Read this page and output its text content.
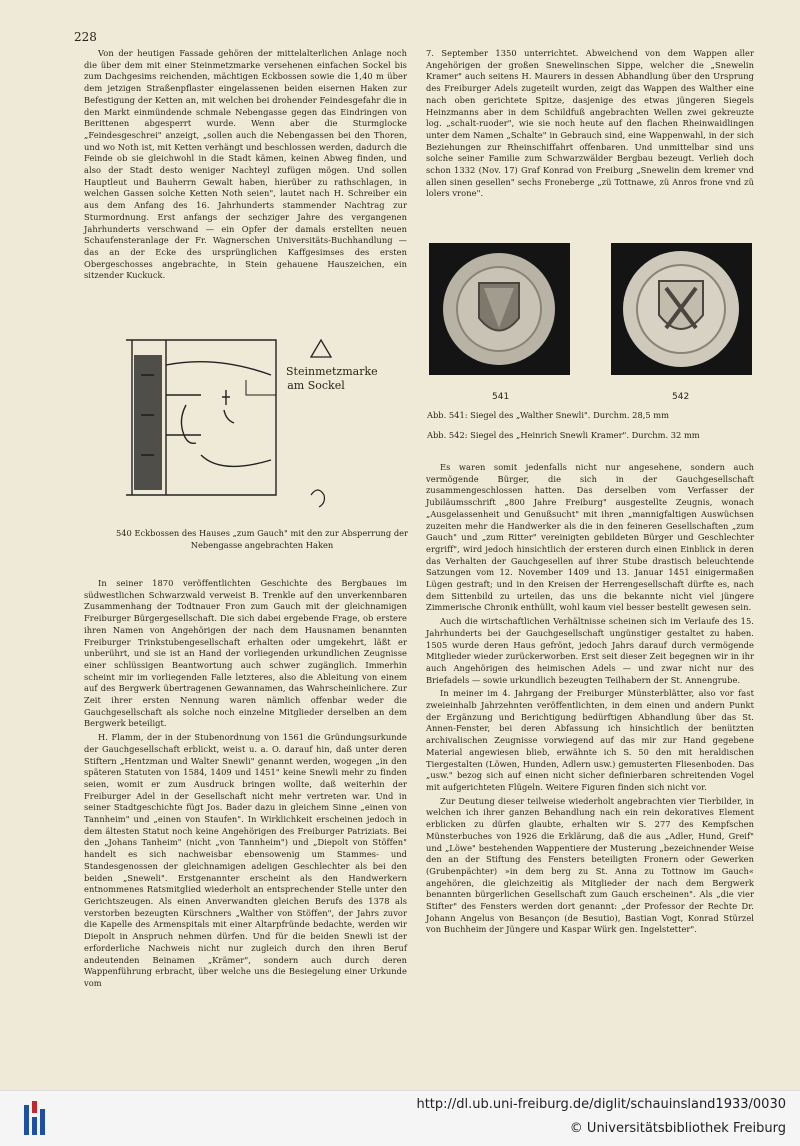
228

Von der heutigen Fassade gehören der mittelalterlichen Anlage noch die über dem mit einer Steinmetzmarke versehenen einfachen Sockel bis zum Dachgesims reichenden, mächtigen Eckbossen sowie die 1,40 m über dem jetzigen Straßenpflaster eingelassenen beiden eisernen Haken zur Befestigung der Ketten an, mit welchen bei drohender Feindesgefahr die in den Markt einmündende schmale Nebengasse gegen das Eindringen von Berittenen abgesperrt wurde. Wenn aber die Sturmglocke „Feindesgeschrei" anzeigt, „sollen auch die Nebengassen bei den Thoren, und wo Noth ist, mit Ketten verhängt und beschlossen werden, dadurch die Feinde ob sie gleichwohl in die Stadt kämen, keinen Abweg finden, und also der Stadt desto weniger Nachteyl zufügen mögen. Und sollen Hauptleut und Bauherrn Gewalt haben, hierüber zu rathschlagen, in welchen Gassen solche Ketten Noth seien", lautet nach H. Schreiber ein aus dem Anfang des 16. Jahrhunderts stammender Nachtrag zur Sturmordnung. Erst anfangs der sechziger Jahre des vergangenen Jahrhunderts verschwand — ein Opfer der damals erstellten neuen Schaufensteranlage der Fr. Wagnerschen Universitäts-Buchhandlung — das an der Ecke des ursprünglichen Kaffgesimses des ersten Obergeschosses angebrachte, in Stein gehauene Hauszeichen, ein sitzender Kuckuck.

Steinmetzmarke am Sockel
540 Eckbossen des Hauses „zum Gauch" mit den zur Absperrung der Nebengasse angebrachten Haken

In seiner 1870 veröffentlichten Geschichte des Bergbaues im südwestlichen Schwarzwald verweist B. Trenkle auf den unverkennbaren Zusammenhang der Todtnauer Fron zum Gauch mit der gleichnamigen Freiburger Bürgergesellschaft. Die sich dabei ergebende Frage, ob erstere ihren Namen von Angehörigen der nach dem Hausnamen benannten Freiburger Trinkstubengesellschaft erhalten oder umgekehrt, läßt er unberührt, und sie ist an Hand der vorliegenden urkundlichen Zeugnisse einer schlüssigen Beantwortung auch schwer zugänglich. Immerhin scheint mir im vorliegenden Falle letzteres, also die Ableitung von einem auf des Bergwerk übertragenen Gewannamen, das Wahrscheinlichere. Zur Zeit ihrer ersten Nennung waren nämlich offenbar weder die Gauchgesellschaft als solche noch einzelne Mitglieder derselben an dem Bergwerk beteiligt.

H. Flamm, der in der Stubenordnung von 1561 die Gründungsurkunde der Gauchgesellschaft erblickt, weist u. a. O. darauf hin, daß unter deren Stiftern „Hentzman und Walter Snewli" genannt werden, wogegen „in den späteren Statuten von 1584, 1409 und 1451" keine Snewli mehr zu finden seien, womit er zum Ausdruck bringen wollte, daß weiterhin der Freiburger Adel in der Gesellschaft nicht mehr vertreten war. Und in seiner Stadtgeschichte fügt Jos. Bader dazu in gleichem Sinne „einen von Tannheim" und „einen von Staufen". In Wirklichkeit erscheinen jedoch in dem ältesten Statut noch keine Angehörigen des Freiburger Patriziats. Bei den „Johans Tanheim" (nicht „von Tannheim") und „Diepolt von Stöffen" handelt es sich nachweisbar ebensowenig um Stammes- und Standesgenossen der gleichnamigen adeligen Geschlechter als bei den beiden „Sneweli". Erstgenannter erscheint als den Handwerkern entnommenes Ratsmitglied wiederholt an entsprechender Stelle unter den Gerichtszeugen. Als einen Anverwandten gleichen Berufs des 1378 als verstorben bezeugten Kürschners „Walther von Stöffen", der Jahrs zuvor die Kapelle des Armenspitals mit einer Altarpfründe bedachte, werden wir Diepolt in Anspruch nehmen dürfen. Und für die beiden Snewli ist der erforderliche Nachweis nicht nur zugleich durch den ihren Beruf andeutenden Beinamen „Krämer", sondern auch durch deren Wappenführung erbracht, über welche uns die Besiegelung einer Urkunde vom

7. September 1350 unterrichtet. Abweichend von dem Wappen aller Angehörigen der großen Snewelinschen Sippe, welcher die „Snewelin Kramer" auch seitens H. Maurers in dessen Abhandlung über den Ursprung des Freiburger Adels zugeteilt wurden, zeigt das Wappen des Walther eine nach oben gerichtete Spitze, dasjenige des etwas jüngeren Siegels Heinzmanns aber in dem Schildfuß angebrachten Wellen zwei gekreuzte log. „schalt-ruoder", wie sie noch heute auf den flachen Rheinwaidlingen unter dem Namen „Schalte" in Gebrauch sind, eine Wappenwahl, in der sich Beziehungen zur Rheinschiffahrt offenbaren. Und unmittelbar sind uns solche seiner Familie zum Schwarzwälder Bergbau bezeugt. Verlieh doch schon 1332 (Nov. 17) Graf Konrad von Freiburg „Snewelin dem kremer vnd allen sinen gesellen" sechs Froneberge „zü Tottnawe, zü Anros frone vnd zü lolers vrone".

541	542
Abb. 541: Siegel des „Walther Snewli". Durchm. 28,5 mm
Abb. 542: Siegel des „Heinrich Snewli Kramer". Durchm. 32 mm

Es waren somit jedenfalls nicht nur angesehene, sondern auch vermögende Bürger, die sich in der Gauchgesellschaft zusammengeschlossen hatten. Das derselben vom Verfasser der Jubiläumsschrift „800 Jahre Freiburg" ausgestellte Zeugnis, wonach „Ausgelassenheit und Genußsucht" mit ihren „mannigfaltigen Auswüchsen zuzeiten mehr die Handwerker als die in den feineren Gesellschaften „zum Gauch" und „zum Ritter" vereinigten gebildeten Bürger und Geschlechter ergriff", wird jedoch hinsichtlich der ersteren durch einen Einblick in deren das Verhalten der Gauchgesellen auf ihrer Stube drastisch beleuchtende Satzungen vom 12. November 1409 und 13. Januar 1451 einigermaßen Lügen gestraft; und in den Kreisen der Herrengesellschaft dürfte es, nach dem Sittenbild zu urteilen, das uns die bekannte nicht viel jüngere Zimmerische Chronik enthüllt, wohl kaum viel besser bestellt gewesen sein.

Auch die wirtschaftlichen Verhältnisse scheinen sich im Verlaufe des 15. Jahrhunderts bei der Gauchgesellschaft ungünstiger gestaltet zu haben. 1505 wurde deren Haus gefrönt, jedoch Jahrs darauf durch vermögende Mitglieder wieder zurückerworben. Erst seit dieser Zeit begegnen wir in ihr auch Angehörigen des heimischen Adels — und zwar nicht nur des Briefadels — sowie urkundlich bezeugten Teilhabern der St. Annengrube.

In meiner im 4. Jahrgang der Freiburger Münsterblätter, also vor fast zweieinhalb Jahrzehnten veröffentlichten, in dem einen und andern Punkt der Ergänzung und Berichtigung bedürftigen Abhandlung über das St. Annen-Fenster, bei deren Abfassung ich hinsichtlich der benützten archivalischen Zeugnisse vorwiegend auf das mir zur Hand gegebene Material angewiesen blieb, erwähnte ich S. 50 den mit heraldischen Tiergestalten (Löwen, Hunden, Adlern usw.) gemusterten Fliesenboden. Das „usw." bezog sich auf einen nicht sicher definierbaren schreitenden Vogel mit aufgerichteten Flügeln. Weitere Figuren finden sich nicht vor.

Zur Deutung dieser teilweise wiederholt angebrachten vier Tierbilder, in welchen ich ihrer ganzen Behandlung nach ein rein dekoratives Element erblicken zu dürfen glaubte, erhalten wir S. 277 des Kempfschen Münsterbuches von 1926 die Erklärung, daß die aus „Adler, Hund, Greif" und „Löwe" bestehenden Wappentiere der Musterung „bezeichnender Weise den an der Stiftung des Fensters beteiligten Fronern oder Gewerken (Grubenpächter) »in dem berg zu St. Anna zu Tottnow im Gauch« angehören, die gleichzeitig als Mitglieder der nach dem Bergwerk benannten bürgerlichen Gesellschaft zum Gauch erscheinen". Als „die vier Stifter" des Fensters werden dort genannt: „der Professor der Rechte Dr. Johann Angelus von Besançon (de Besutio), Bastian Vogt, Konrad Stürzel von Buchheim der Jüngere und Kaspar Würk gen. Ingelstetter".

http://dl.ub.uni-freiburg.de/diglit/schauinsland1933/0030
© Universitätsbibliothek Freiburg
